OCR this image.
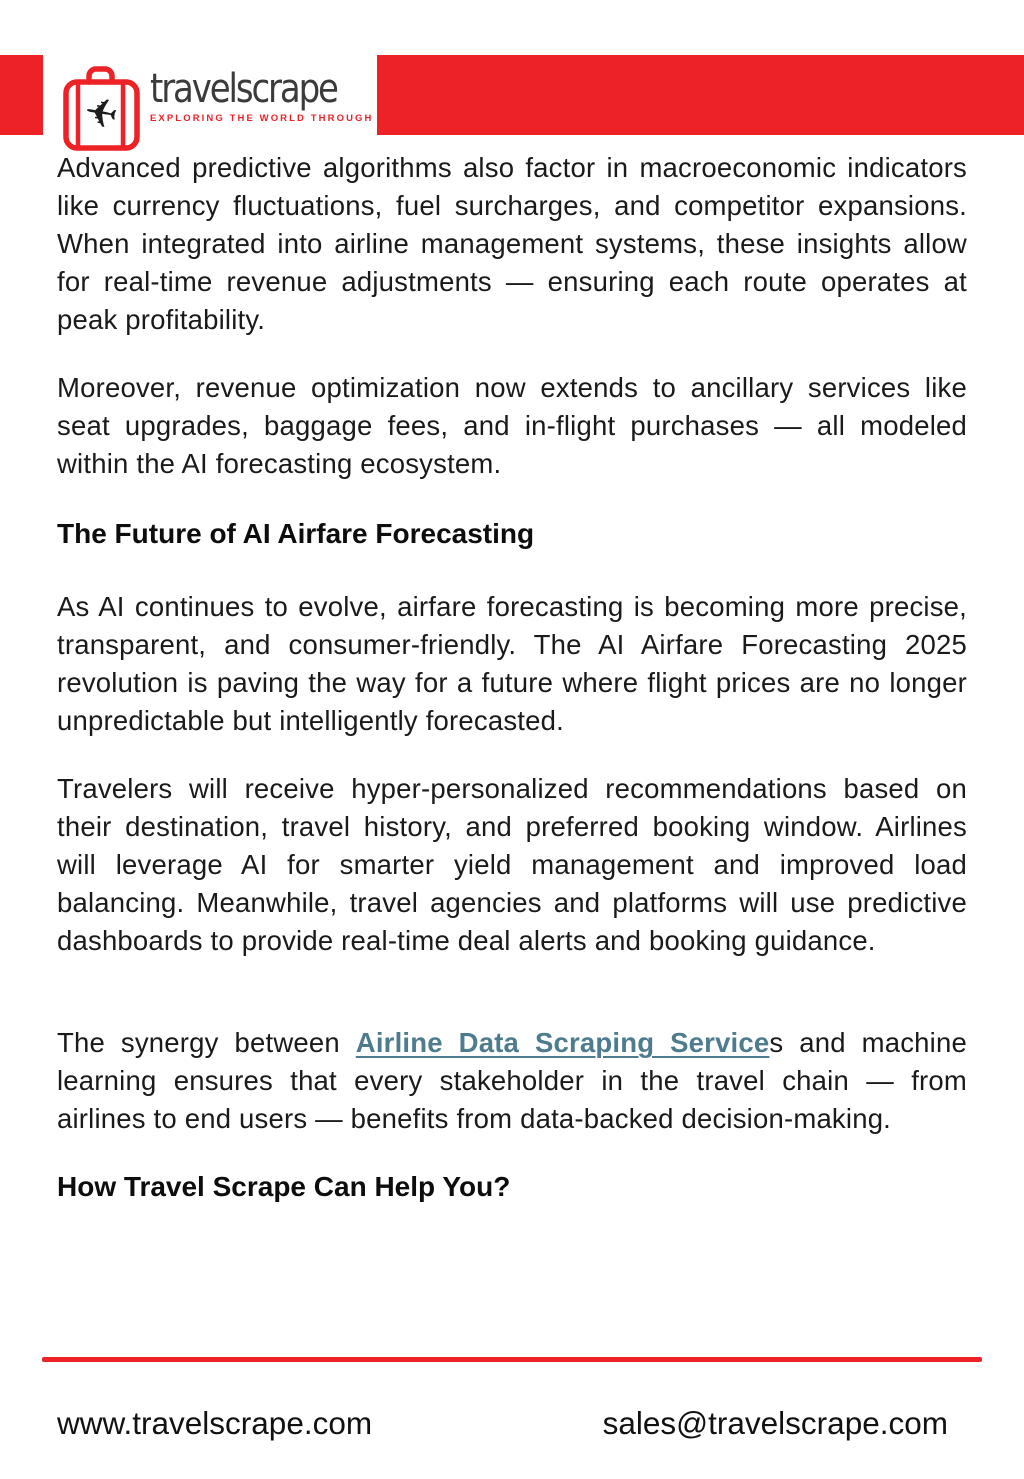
✈ travelscrape
EXPLORING THE WORLD THROUGH DATA
Advanced predictive algorithms also factor in macroeconomic indicators like currency fluctuations, fuel surcharges, and competitor expansions. When integrated into airline management systems, these insights allow for real-time revenue adjustments — ensuring each route operates at peak profitability.
Moreover, revenue optimization now extends to ancillary services like seat upgrades, baggage fees, and in-flight purchases — all modeled within the AI forecasting ecosystem.
The Future of AI Airfare Forecasting
As AI continues to evolve, airfare forecasting is becoming more precise, transparent, and consumer-friendly. The AI Airfare Forecasting 2025 revolution is paving the way for a future where flight prices are no longer unpredictable but intelligently forecasted.
Travelers will receive hyper-personalized recommendations based on their destination, travel history, and preferred booking window. Airlines will leverage AI for smarter yield management and improved load balancing. Meanwhile, travel agencies and platforms will use predictive dashboards to provide real-time deal alerts and booking guidance.
The synergy between Airline Data Scraping Services and machine learning ensures that every stakeholder in the travel chain — from airlines to end users — benefits from data-backed decision-making.
How Travel Scrape Can Help You?
www.travelscrape.com	sales@travelscrape.com
